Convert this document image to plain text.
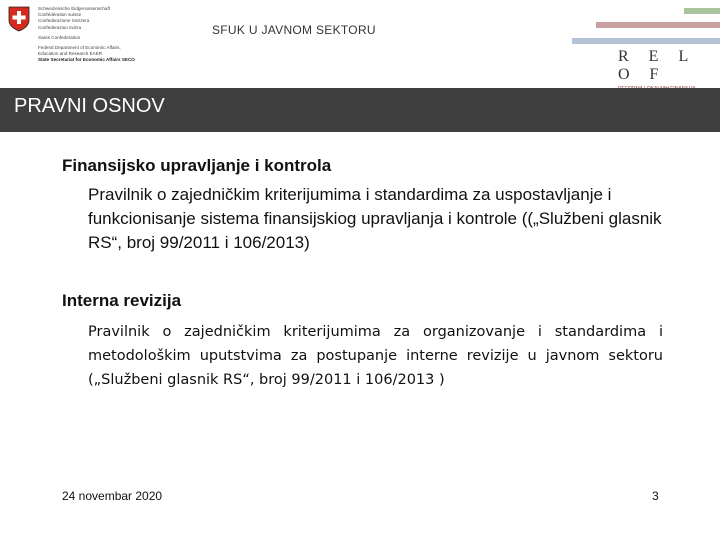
Schweizerische Eidgenossenschaft
Confédération suisse
Confederazione Svizzera
Confederaziun svizra
Swiss Confederation
Federal Department of Economic Affairs,
Education and Research EAER
State Secretariat for Economic Affairs SECO
SFUK U JAVNOM SEKTORU
R E L O F
PRAVNI OSNOV
Finansijsko upravljanje i kontrola
Pravilnik o zajedničkim kriterijumima i standardima za uspostavljanje i funkcionisanje sistema finansijskiog upravljanja i kontrole ((„Službeni glasnik RS“, broj 99/2011 i 106/2013)
Interna revizija
Pravilnik o zajedničkim kriterijumima za organizovanje i standardima i metodološkim uputstvima za postupanje interne revizije u javnom sektoru („Službeni glasnik RS“, broj 99/2011 i 106/2013 )
24 novembar 2020	3
